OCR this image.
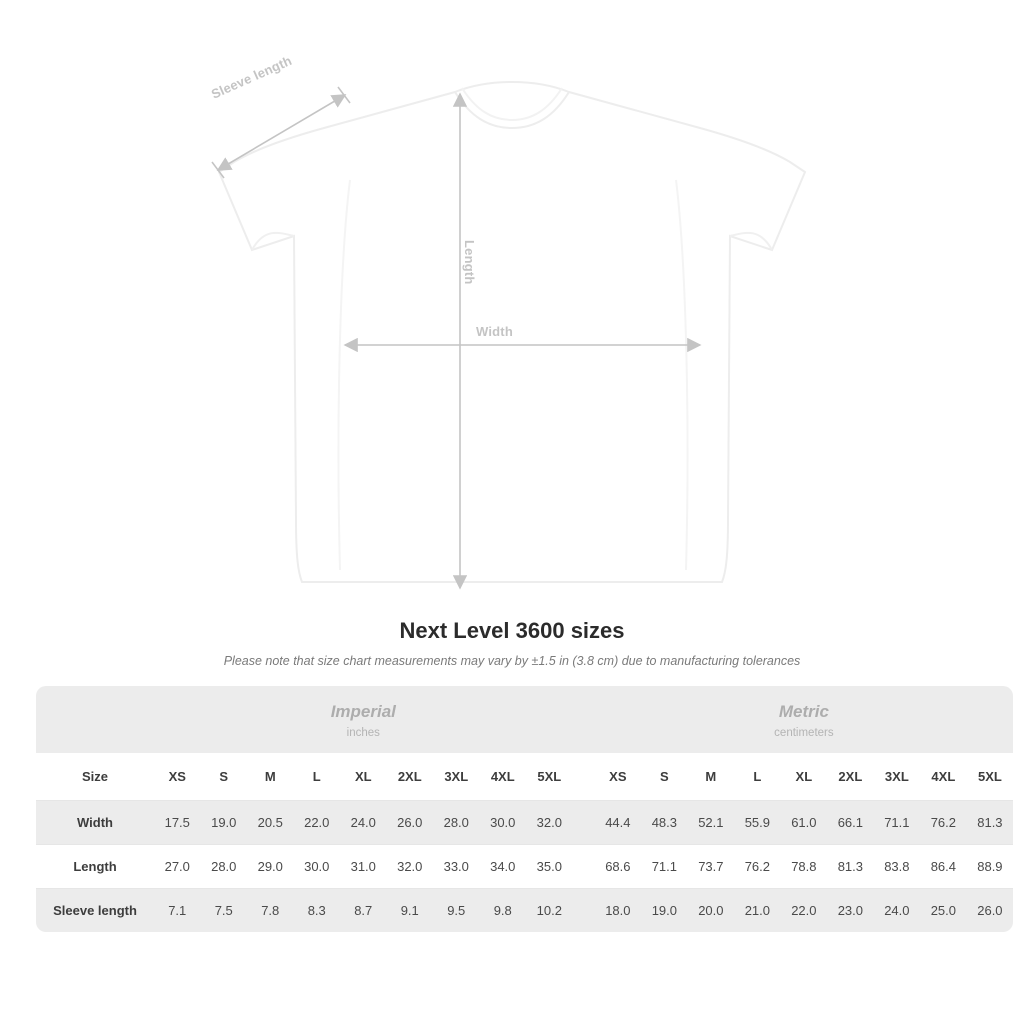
Sleeve length
Length
Width
Next Level 3600 sizes
Please note that size chart measurements may vary by ±1.5 in (3.8 cm) due to manufacturing tolerances

	Imperial
inches										Metric
centimeters								

Size	XS	S	M	L	XL	2XL	3XL	4XL	5XL		XS	S	M	L	XL	2XL	3XL	4XL	5XL
Width	17.5	19.0	20.5	22.0	24.0	26.0	28.0	30.0	32.0		44.4	48.3	52.1	55.9	61.0	66.1	71.1	76.2	81.3
Length	27.0	28.0	29.0	30.0	31.0	32.0	33.0	34.0	35.0		68.6	71.1	73.7	76.2	78.8	81.3	83.8	86.4	88.9
Sleeve length	7.1	7.5	7.8	8.3	8.7	9.1	9.5	9.8	10.2		18.0	19.0	20.0	21.0	22.0	23.0	24.0	25.0	26.0
